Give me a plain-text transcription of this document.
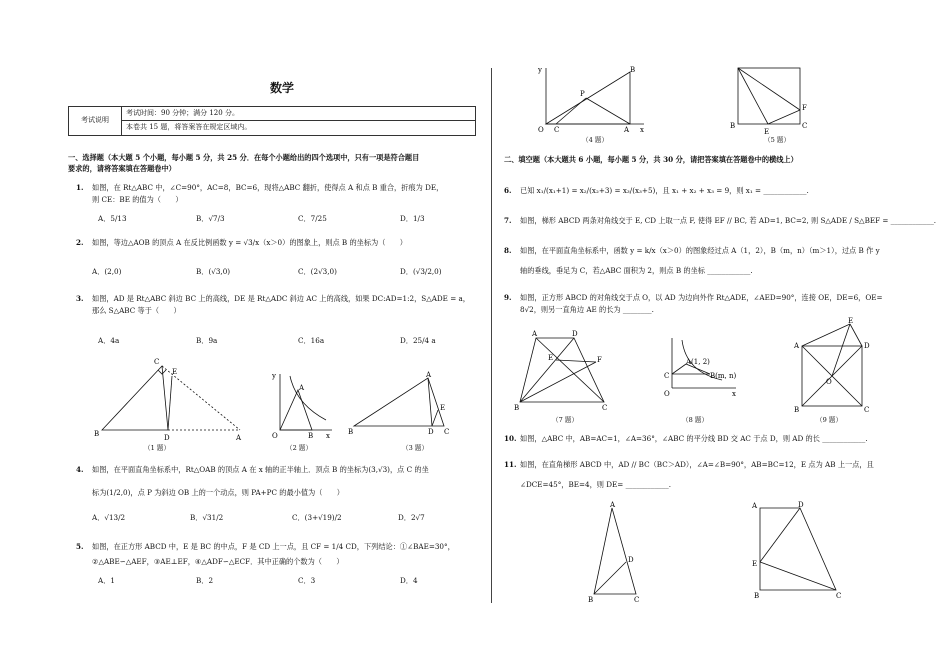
数学
考试说明	考试时间：90 分钟；满分 120 分。
本卷共 15 题，将答案答在规定区域内。
一、选择题（本大题 5 个小题，每小题 5 分，共 25 分．在每个小题给出的四个选项中，只有一项是符合题目
要求的，请将答案填在答题卷中）
1. 如图，在 Rt△ABC 中，∠C=90°，AC=8，BC=6，现将△ABC 翻折，使得点 A 和点 B 重合，折痕为 DE，
则 CE：BE 的值为（　　）
A．5/13	B．√7/3	C．7/25	D．1/3
2. 如图，等边△AOB 的顶点 A 在反比例函数 y = √3/x（x＞0）的图象上，则点 B 的坐标为（　　）
A．(2,0)	B．(√3,0)	C．(2√3,0)	D．(√3/2,0)
3. 如图，AD 是 Rt△ABC 斜边 BC 上的高线，DE 是 Rt△ADC 斜边 AC 上的高线，如果 DC:AD=1:2，S△ADE = a，
那么 S△ABC 等于（　　）
A．4a	B．9a	C．16a	D．25/4 a
B
C
E
D	A
（1 题）
y
A
O	B x
（2 题）
B
A
E
D C
（3 题）
4. 如图，在平面直角坐标系中，Rt△OAB 的顶点 A 在 x 轴的正半轴上．顶点 B 的坐标为(3,√3)，点 C 的坐
标为(1/2,0)，点 P 为斜边 OB 上的一个动点，则 PA+PC 的最小值为（　　）
A．√13/2	B．√31/2	C．(3+√19)/2	D．2√7
5. 如图，在正方形 ABCD 中，E 是 BC 的中点，F 是 CD 上一点，且 CF = 1/4 CD，下列结论：①∠BAE=30°，
②△ABE∽△AEF，③AE⊥EF，④△ADF∽△ECF．其中正确的个数为（　　）
A．1	B．2	C．3	D．4
y	B
P
O C	A x
（4 题）
B
E
C
F
（5 题）
二、填空题（本大题共 6 小题，每小题 5 分，共 30 分，请把答案填在答题卷中的横线上）
6. 已知 x₁/(x₁+1) = x₂/(x₂+3) = x₃/(x₃+5)，且 x₁ + x₂ + x₃ = 9，则 x₁ = ____________.
7. 如图，梯形 ABCD 两条对角线交于 E, CD 上取一点 F, 使得 EF // BC, 若 AD=1, BC=2, 则 S△ADE / S△BEF = ____________.
8. 如图，在平面直角坐标系中，函数 y = k/x（x＞0）的图象经过点 A（1，2），B（m，n）（m＞1），过点 B 作 y
轴的垂线，垂足为 C，若△ABC 面积为 2，则点 B 的坐标 ____________.
9. 如图，正方形 ABCD 的对角线交于点 O，以 AD 为边向外作 Rt△ADE，∠AED=90°，连接 OE，DE=6，OE=
8√2，则另一直角边 AE 的长为 ________.
A	D
E	F
B	C
（7 题）
A(1, 2)
B(m, n)
C
O	x
（8 题）
A
E
D
O
B	C
（9 题）
10. 如图，△ABC 中，AB=AC=1，∠A=36°，∠ABC 的平分线 BD 交 AC 于点 D，则 AD 的长 ____________.
11. 如图，在直角梯形 ABCD 中，AD // BC（BC＞AD），∠A=∠B=90°，AB=BC=12，E 点为 AB 上一点，且
∠DCE=45°，BE=4，则 DE= ____________.
A
D
B	C
A	D
E
B	C
